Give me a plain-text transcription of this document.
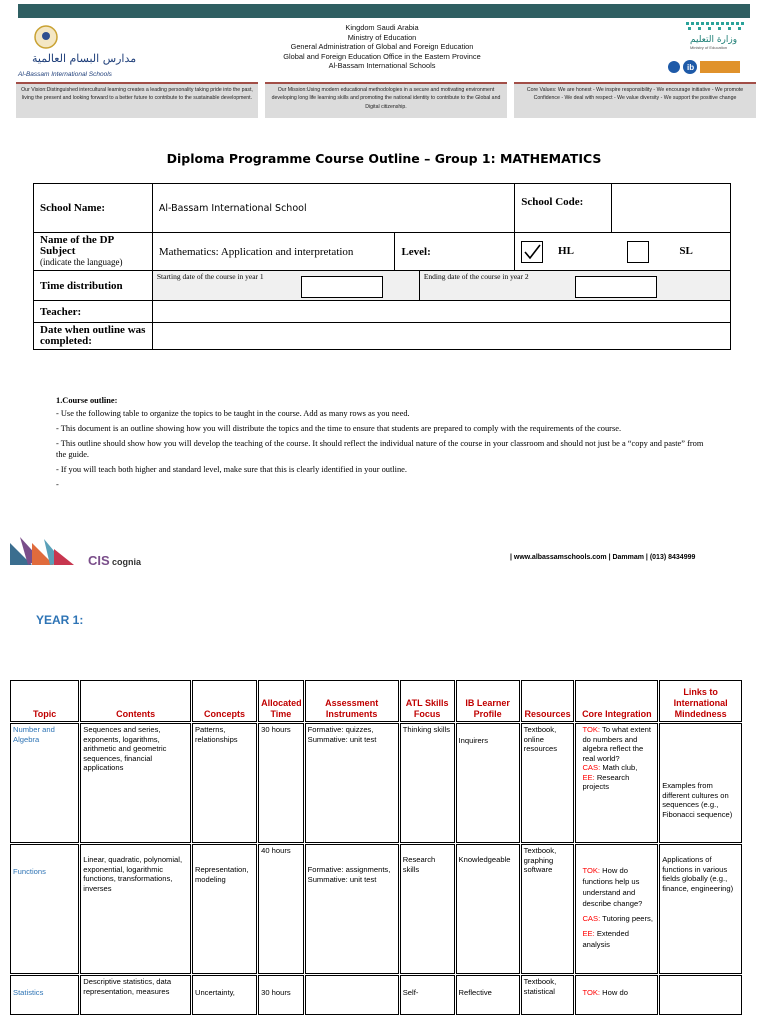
مدارس البسام العالمية
Al-Bassam International Schools
Kingdom Saudi Arabia
Ministry of Education
General Administration of Global and Foreign Education
Global and Foreign Education Office in the Eastern Province
Al-Bassam International Schools
وزارة التعليم
Ministry of Education
ib
Our Vision:Distinguished intercultural learning creates a leading personality taking pride into the past, living the present and looking forward to a better future to contribute to the sustainable development.
Our Mission:Using modern educational methodologies in a secure and motivating environment developing long life learning skills and promoting the national identity to contribute to the Global and Digital citizenship.
Core Values: We are honest - We inspire responsibility - We encourage initiative - We promote Confidence - We deal with respect - We value diversity - We support the positive change
Diploma Programme Course Outline – Group 1: MATHEMATICS
School Name:	Al-Bassam International School		School Code:	

Name of the DP Subject
(indicate the language)	Mathematics: Application and interpretation	Level:	HL SL	
Time distribution	Starting date of the course in year 1 Ending date of the course in year 2			

Teacher:				
Date when outline was completed:				
1.Course outline:

- Use the following table to organize the topics to be taught in the course. Add as many rows as you need.

- This document is an outline showing how you will distribute the topics and the time to ensure that students are prepared to comply with the requirements of the course.

- This outline should show how you will develop the teaching of the course. It should reflect the individual nature of the course in your classroom and should not just be a “copy and paste” from the guide.

- If you will teach both higher and standard level, make sure that this is clearly identified in your outline.

-

CIS cognia	| www.albassamschools.com | Dammam | (013) 8434999
YEAR 1:
Topic	Contents	Concepts	Allocated Time	Assessment Instruments	ATL Skills Focus	IB Learner Profile	Resources	Core Integration	Links to International Mindedness
Number and Algebra	Sequences and series, exponents, logarithms, arithmetic and geometric sequences, financial applications	Patterns, relationships	30 hours	Formative: quizzes, Summative: unit test	Thinking skills	Inquirers	Textbook, online resources	TOK: To what extent do numbers and algebra reflect the real world?
CAS: Math club,
EE: Research projects	Examples from different cultures on sequences (e.g., Fibonacci sequence)
Functions	Linear, quadratic, polynomial, exponential, logarithmic functions, transformations, inverses	Representation, modeling	40 hours	Formative: assignments, Summative: unit test	Research skills	Knowledgeable	Textbook, graphing software	TOK: How do functions help us understand and describe change?
CAS: Tutoring peers,
EE: Extended analysis	Applications of functions in various fields globally (e.g., finance, engineering)
Statistics	Descriptive statistics, data representation, measures	Uncertainty,	30 hours		Self-	Reflective	Textbook, statistical	TOK: How do	
